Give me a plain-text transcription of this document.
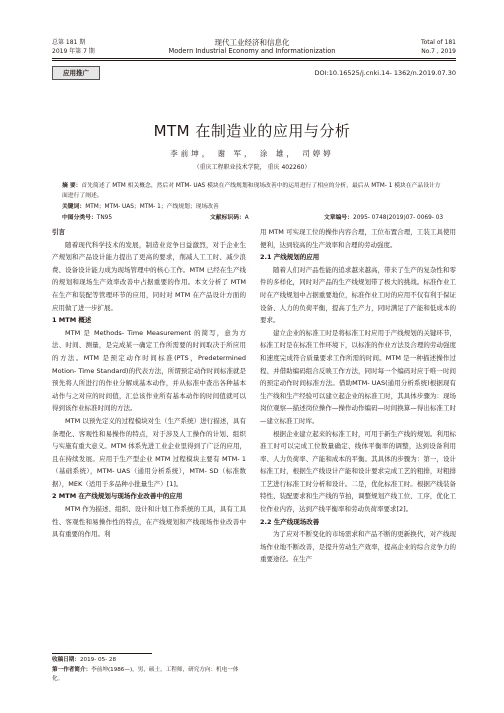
总第 181 期
2019 年第 7 期
现代工业经济和信息化
Modern Industrial Economy and Informationization
Total of 181
No.7 , 2019
应用推广	DOI:10.16525/j.cnki.14- 1362/n.2019.07.30
MTM 在制造业的应用与分析
李前坤， 谢 军， 涂 雄， 司婷婷
（重庆工程职业技术学院， 重庆 402260）
摘 要：首先简述了 MTM 相关概念，然后对 MTM- UAS 模块在产线规划和现场改善中的运用进行了相应的分析，最后从 MTM- 1 模块在产品设计方面进行了阐述。
关键词：MTM；MTM- UAS；MTM- 1；产线规划；现场改善
中图分类号：TN95	文献标识码：A	文章编号：2095- 0748(2019)07- 0069- 03
引言
随着现代科学技术的发展，制造业竞争日益激烈，对于企业生产规划和产品设计能力提出了更高的要求，削减人工工时、减少浪费、设备设计能力成为现场管理中的核心工作。MTM 已经在生产线的规划和现场生产效率改善中占据重要的作用。本文分析了 MTM 在生产和装配等管理环节的应用，同时对 MTM 在产品设计方面的应用做了进一步扩展。
1 MTM 概述
MTM 是 Methods- Time Measurement 的简写，意为方法、时间、测量，是完成某一确定工作所需要的时间取决于所应用的方法。MTM 是预定动作时间标准(PTS，Predetermined Motion- Time Standard)的代表方法，所谓预定动作时间标准就是预先将人所进行的作业分解成基本动作，并从标准中查出各种基本动作与之对应的时间值，汇总该作业所有基本动作的时间值就可以得到该作业标准时间的方法。
MTM 以预先定义的过程模块对生（生产系统）进行描述，具有条理化、客观性和易操作的特点，对于涉及人工操作的计划、组织与实施有重大意义。MTM 体系先进工业企业里得到了广泛的应用，且在持续发展。应用于生产型企业 MTM 过程模块主要有 MTM- 1（基础系统），MTM- UAS（通用分析系统），MTM- SD（标准数据），MEK（适用于多品种小批量生产）[1]。
2 MTM 在产线规划与现场作业改善中的应用
MTM 作为描述、组织、设计和计划工作系统的工具，具有工具性、客观性和易操作性的特点，在产线规划和产线现场作业改善中具有重要的作用。利
用 MTM 可实现工位的操作内容合理，工位布置合理，工装工具使用便利，达到较高的生产效率和合理的劳动强度。
2.1 产线规划的应用
随着人们对产品性能的追求越来越高，带来了生产的复杂性和零件的多样化，同时对产品的生产线规划带了极大的挑战。标准作业工时在产线规划中占据重要地位，标准作业工时的应用不仅有利于保证设备、人力的负荷平衡，提高了生产力，同时满足了产能和低成本的要求。
建立企业的标准工时是将标准工时应用于产线规划的关键环节，标准工时是在标准工作环境下，以标准的作业方法及合理的劳动强度和速度完成符合质量要求工作所需的时间。MTM 是一种描述操作过程、并借助编码组合反映工作方法，同时每一个编码对应于唯一时间的预定动作时间标准方法。借助MTM- UAS(通用分析系统)根据现有生产线和生产经验可以建立起企业的标准工时，其具体步骤为：现场岗位观察—描述岗位操作—操作动作编码—时间换算—得出标准工时—建立标准工时库。
根据企业建立起来的标准工时，可用于新生产线的规划。利用标准工时可以完成工位数量确定、线体平衡率的调整，达到设备利用率、人力负荷率、产能和成本的平衡。其具体的步骤为：第一，设计标准工时，根据生产线设计产能和设计要求完成工艺的粗排，对粗排工艺进行标准工时分析和设计。二是，优化标准工时。根据产线装备特性、装配要求和生产线的节拍，调整规划产线工位、工序，优化工位作业内容，达到产线平衡率和劳动负荷率要求[2]。
2.2 生产线现场改善
为了应对不断变化的市场需求和产品不断的更新换代，对产线现场作业地不断改善，是提升劳动生产效率，提高企业的综合竞争力的重要途径。在生产
收稿日期：2019- 05- 28
第一作者简介：李前坤(1986—)，男，硕士，工程师，研究方向：机电一体化。
